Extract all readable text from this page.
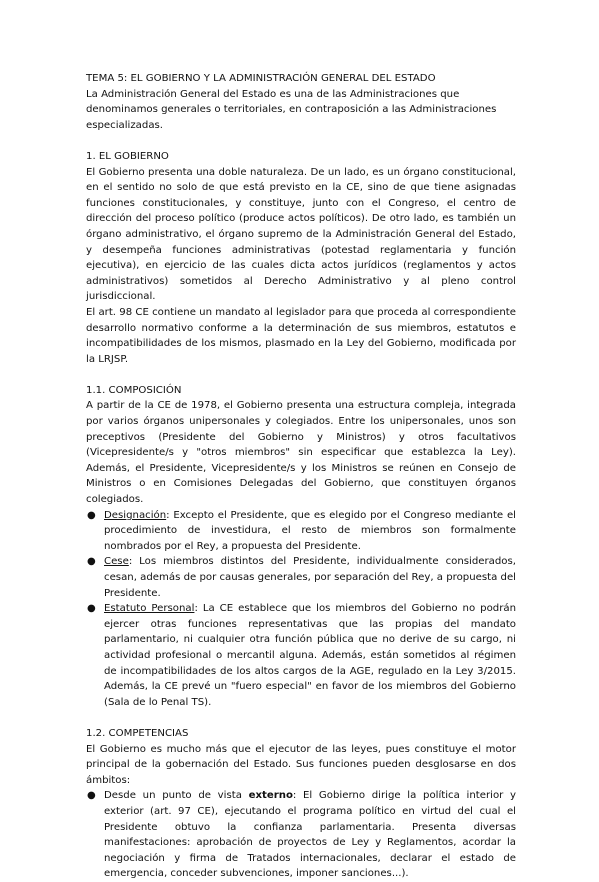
TEMA 5: EL GOBIERNO Y LA ADMINISTRACIÓN GENERAL DEL ESTADO

La Administración General del Estado es una de las Administraciones que denominamos generales o territoriales, en contraposición a las Administraciones especializadas.

1. EL GOBIERNO

El Gobierno presenta una doble naturaleza. De un lado, es un órgano constitucional, en el sentido no solo de que está previsto en la CE, sino de que tiene asignadas funciones constitucionales, y constituye, junto con el Congreso, el centro de dirección del proceso político (produce actos políticos). De otro lado, es también un órgano administrativo, el órgano supremo de la Administración General del Estado, y desempeña funciones administrativas (potestad reglamentaria y función ejecutiva), en ejercicio de las cuales dicta actos jurídicos (reglamentos y actos administrativos) sometidos al Derecho Administrativo y al pleno control jurisdiccional.

El art. 98 CE contiene un mandato al legislador para que proceda al correspondiente desarrollo normativo conforme a la determinación de sus miembros, estatutos e incompatibilidades de los mismos, plasmado en la Ley del Gobierno, modificada por la LRJSP.

1.1. COMPOSICIÓN

A partir de la CE de 1978, el Gobierno presenta una estructura compleja, integrada por varios órganos unipersonales y colegiados. Entre los unipersonales, unos son preceptivos (Presidente del Gobierno y Ministros) y otros facultativos (Vicepresidente/s y "otros miembros" sin especificar que establezca la Ley). Además, el Presidente, Vicepresidente/s y los Ministros se reúnen en Consejo de Ministros o en Comisiones Delegadas del Gobierno, que constituyen órganos colegiados.

● Designación: Excepto el Presidente, que es elegido por el Congreso mediante el procedimiento de investidura, el resto de miembros son formalmente nombrados por el Rey, a propuesta del Presidente.
● Cese: Los miembros distintos del Presidente, individualmente considerados, cesan, además de por causas generales, por separación del Rey, a propuesta del Presidente.
● Estatuto Personal: La CE establece que los miembros del Gobierno no podrán ejercer otras funciones representativas que las propias del mandato parlamentario, ni cualquier otra función pública que no derive de su cargo, ni actividad profesional o mercantil alguna. Además, están sometidos al régimen de incompatibilidades de los altos cargos de la AGE, regulado en la Ley 3/2015. Además, la CE prevé un "fuero especial" en favor de los miembros del Gobierno (Sala de lo Penal TS).

1.2. COMPETENCIAS

El Gobierno es mucho más que el ejecutor de las leyes, pues constituye el motor principal de la gobernación del Estado. Sus funciones pueden desglosarse en dos ámbitos:

● Desde un punto de vista externo: El Gobierno dirige la política interior y exterior (art. 97 CE), ejecutando el programa político en virtud del cual el Presidente obtuvo la confianza parlamentaria. Presenta diversas manifestaciones: aprobación de proyectos de Ley y Reglamentos, acordar la negociación y firma de Tratados internacionales, declarar el estado de emergencia, conceder subvenciones, imponer sanciones...).
